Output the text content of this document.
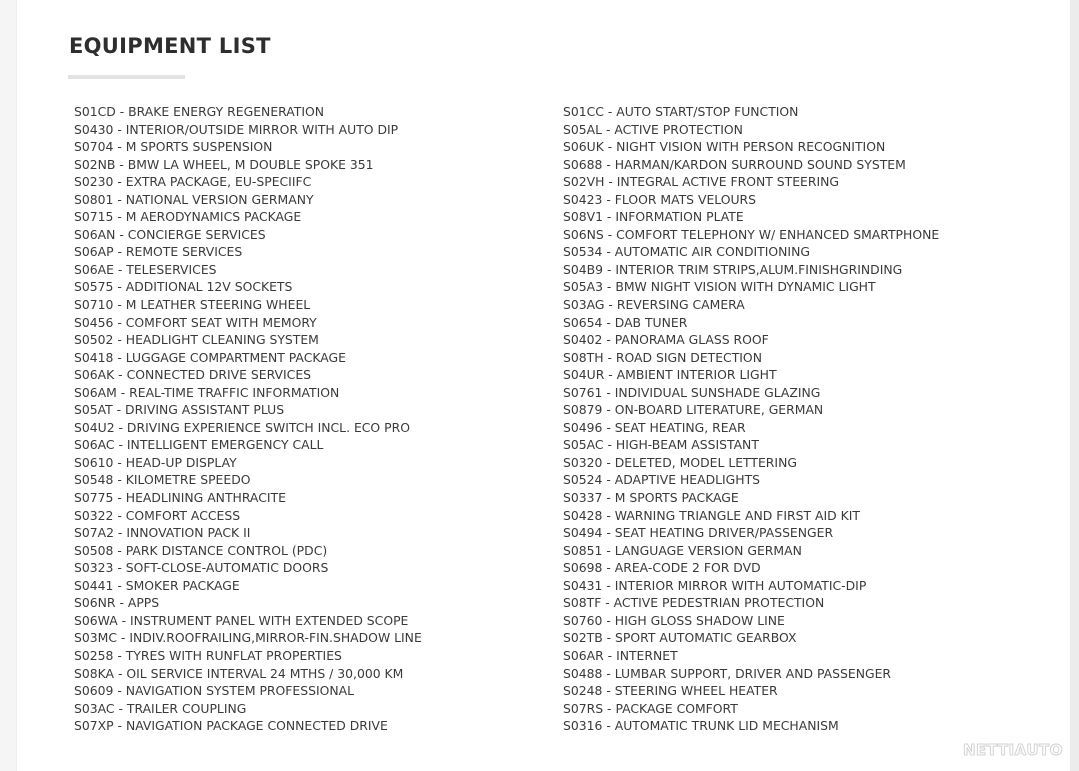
EQUIPMENT LIST
S01CD - BRAKE ENERGY REGENERATION
S0430 - INTERIOR/OUTSIDE MIRROR WITH AUTO DIP
S0704 - M SPORTS SUSPENSION
S02NB - BMW LA WHEEL, M DOUBLE SPOKE 351
S0230 - EXTRA PACKAGE, EU-SPECIIFC
S0801 - NATIONAL VERSION GERMANY
S0715 - M AERODYNAMICS PACKAGE
S06AN - CONCIERGE SERVICES
S06AP - REMOTE SERVICES
S06AE - TELESERVICES
S0575 - ADDITIONAL 12V SOCKETS
S0710 - M LEATHER STEERING WHEEL
S0456 - COMFORT SEAT WITH MEMORY
S0502 - HEADLIGHT CLEANING SYSTEM
S0418 - LUGGAGE COMPARTMENT PACKAGE
S06AK - CONNECTED DRIVE SERVICES
S06AM - REAL-TIME TRAFFIC INFORMATION
S05AT - DRIVING ASSISTANT PLUS
S04U2 - DRIVING EXPERIENCE SWITCH INCL. ECO PRO
S06AC - INTELLIGENT EMERGENCY CALL
S0610 - HEAD-UP DISPLAY
S0548 - KILOMETRE SPEEDO
S0775 - HEADLINING ANTHRACITE
S0322 - COMFORT ACCESS
S07A2 - INNOVATION PACK II
S0508 - PARK DISTANCE CONTROL (PDC)
S0323 - SOFT-CLOSE-AUTOMATIC DOORS
S0441 - SMOKER PACKAGE
S06NR - APPS
S06WA - INSTRUMENT PANEL WITH EXTENDED SCOPE
S03MC - INDIV.ROOFRAILING,MIRROR-FIN.SHADOW LINE
S0258 - TYRES WITH RUNFLAT PROPERTIES
S08KA - OIL SERVICE INTERVAL 24 MTHS / 30,000 KM
S0609 - NAVIGATION SYSTEM PROFESSIONAL
S03AC - TRAILER COUPLING
S07XP - NAVIGATION PACKAGE CONNECTED DRIVE
S01CC - AUTO START/STOP FUNCTION
S05AL - ACTIVE PROTECTION
S06UK - NIGHT VISION WITH PERSON RECOGNITION
S0688 - HARMAN/KARDON SURROUND SOUND SYSTEM
S02VH - INTEGRAL ACTIVE FRONT STEERING
S0423 - FLOOR MATS VELOURS
S08V1 - INFORMATION PLATE
S06NS - COMFORT TELEPHONY W/ ENHANCED SMARTPHONE
S0534 - AUTOMATIC AIR CONDITIONING
S04B9 - INTERIOR TRIM STRIPS,ALUM.FINISHGRINDING
S05A3 - BMW NIGHT VISION WITH DYNAMIC LIGHT
S03AG - REVERSING CAMERA
S0654 - DAB TUNER
S0402 - PANORAMA GLASS ROOF
S08TH - ROAD SIGN DETECTION
S04UR - AMBIENT INTERIOR LIGHT
S0761 - INDIVIDUAL SUNSHADE GLAZING
S0879 - ON-BOARD LITERATURE, GERMAN
S0496 - SEAT HEATING, REAR
S05AC - HIGH-BEAM ASSISTANT
S0320 - DELETED, MODEL LETTERING
S0524 - ADAPTIVE HEADLIGHTS
S0337 - M SPORTS PACKAGE
S0428 - WARNING TRIANGLE AND FIRST AID KIT
S0494 - SEAT HEATING DRIVER/PASSENGER
S0851 - LANGUAGE VERSION GERMAN
S0698 - AREA-CODE 2 FOR DVD
S0431 - INTERIOR MIRROR WITH AUTOMATIC-DIP
S08TF - ACTIVE PEDESTRIAN PROTECTION
S0760 - HIGH GLOSS SHADOW LINE
S02TB - SPORT AUTOMATIC GEARBOX
S06AR - INTERNET
S0488 - LUMBAR SUPPORT, DRIVER AND PASSENGER
S0248 - STEERING WHEEL HEATER
S07RS - PACKAGE COMFORT
S0316 - AUTOMATIC TRUNK LID MECHANISM
NETTIAUTO
